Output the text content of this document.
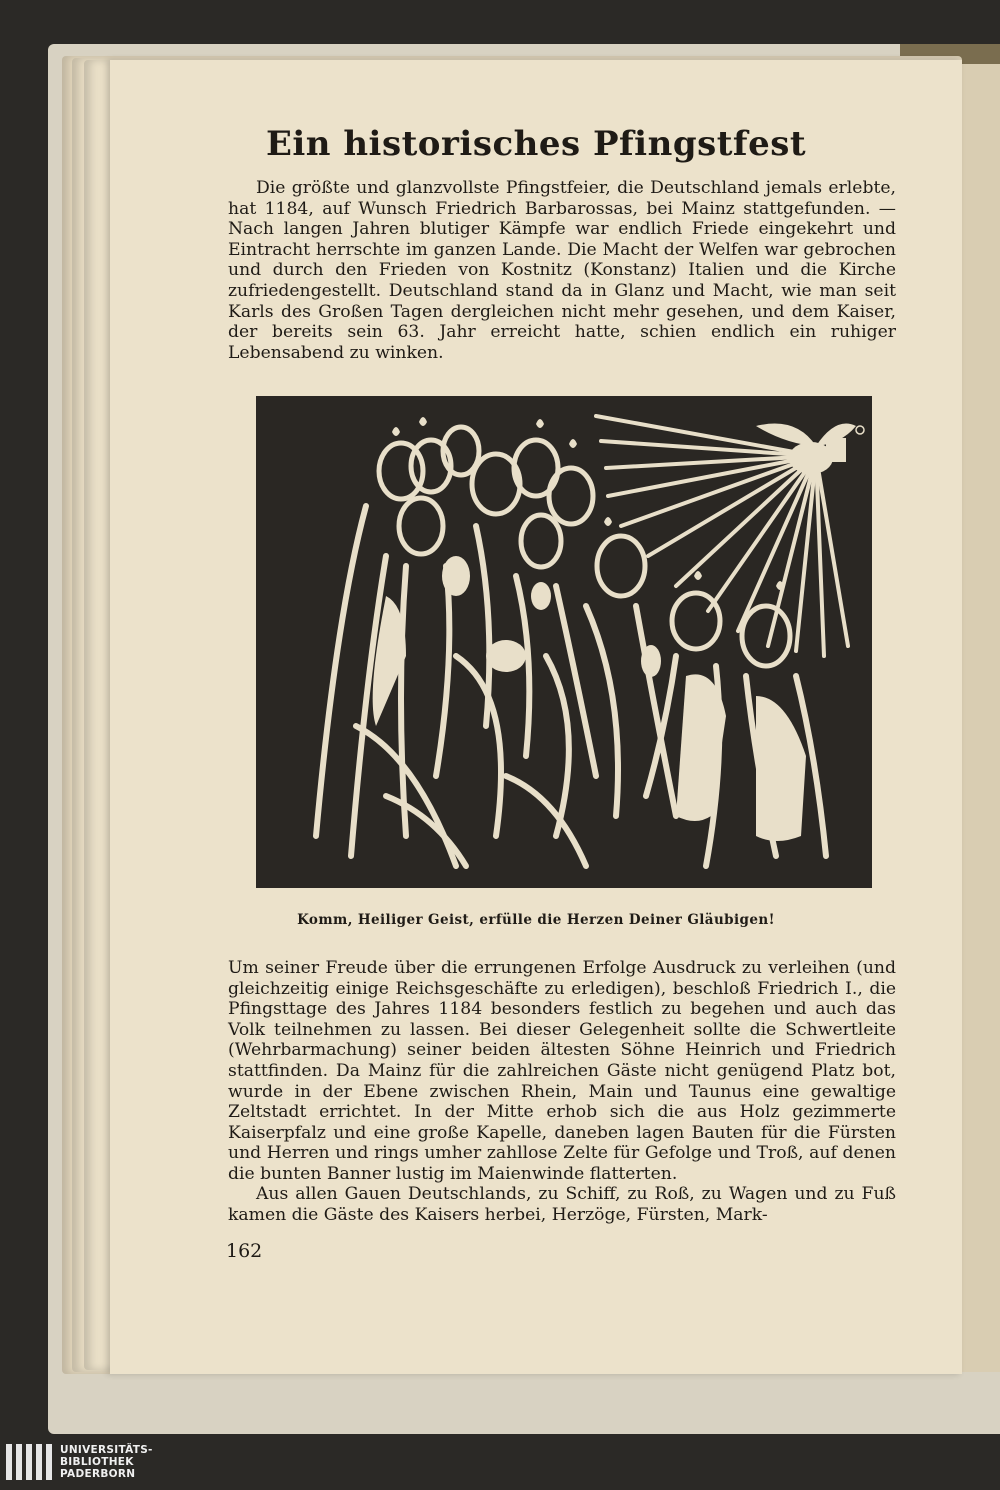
Ein historisches Pfingstfest

Die größte und glanzvollste Pfingstfeier, die Deutschland jemals erlebte, hat 1184, auf Wunsch Friedrich Barbarossas, bei Mainz stattgefunden. — Nach langen Jahren blutiger Kämpfe war endlich Friede eingekehrt und Eintracht herrschte im ganzen Lande. Die Macht der Welfen war gebrochen und durch den Frieden von Kostnitz (Konstanz) Italien und die Kirche zufriedengestellt. Deutschland stand da in Glanz und Macht, wie man seit Karls des Großen Tagen dergleichen nicht mehr gesehen, und dem Kaiser, der bereits sein 63. Jahr erreicht hatte, schien endlich ein ruhiger Lebensabend zu winken.

Komm, Heiliger Geist, erfülle die Herzen Deiner Gläubigen!

Um seiner Freude über die errungenen Erfolge Ausdruck zu verleihen (und gleichzeitig einige Reichsgeschäfte zu erledigen), beschloß Friedrich I., die Pfingsttage des Jahres 1184 besonders festlich zu begehen und auch das Volk teilnehmen zu lassen. Bei dieser Gelegenheit sollte die Schwertleite (Wehrbarmachung) seiner beiden ältesten Söhne Heinrich und Friedrich stattfinden. Da Mainz für die zahlreichen Gäste nicht genügend Platz bot, wurde in der Ebene zwischen Rhein, Main und Taunus eine gewaltige Zeltstadt errichtet. In der Mitte erhob sich die aus Holz gezimmerte Kaiserpfalz und eine große Kapelle, daneben lagen Bauten für die Fürsten und Herren und rings umher zahllose Zelte für Gefolge und Troß, auf denen die bunten Banner lustig im Maienwinde flatterten.

Aus allen Gauen Deutschlands, zu Schiff, zu Roß, zu Wagen und zu Fuß kamen die Gäste des Kaisers herbei, Herzöge, Fürsten, Mark-

162
UNIVERSITÄTS-
BIBLIOTHEK
PADERBORN
